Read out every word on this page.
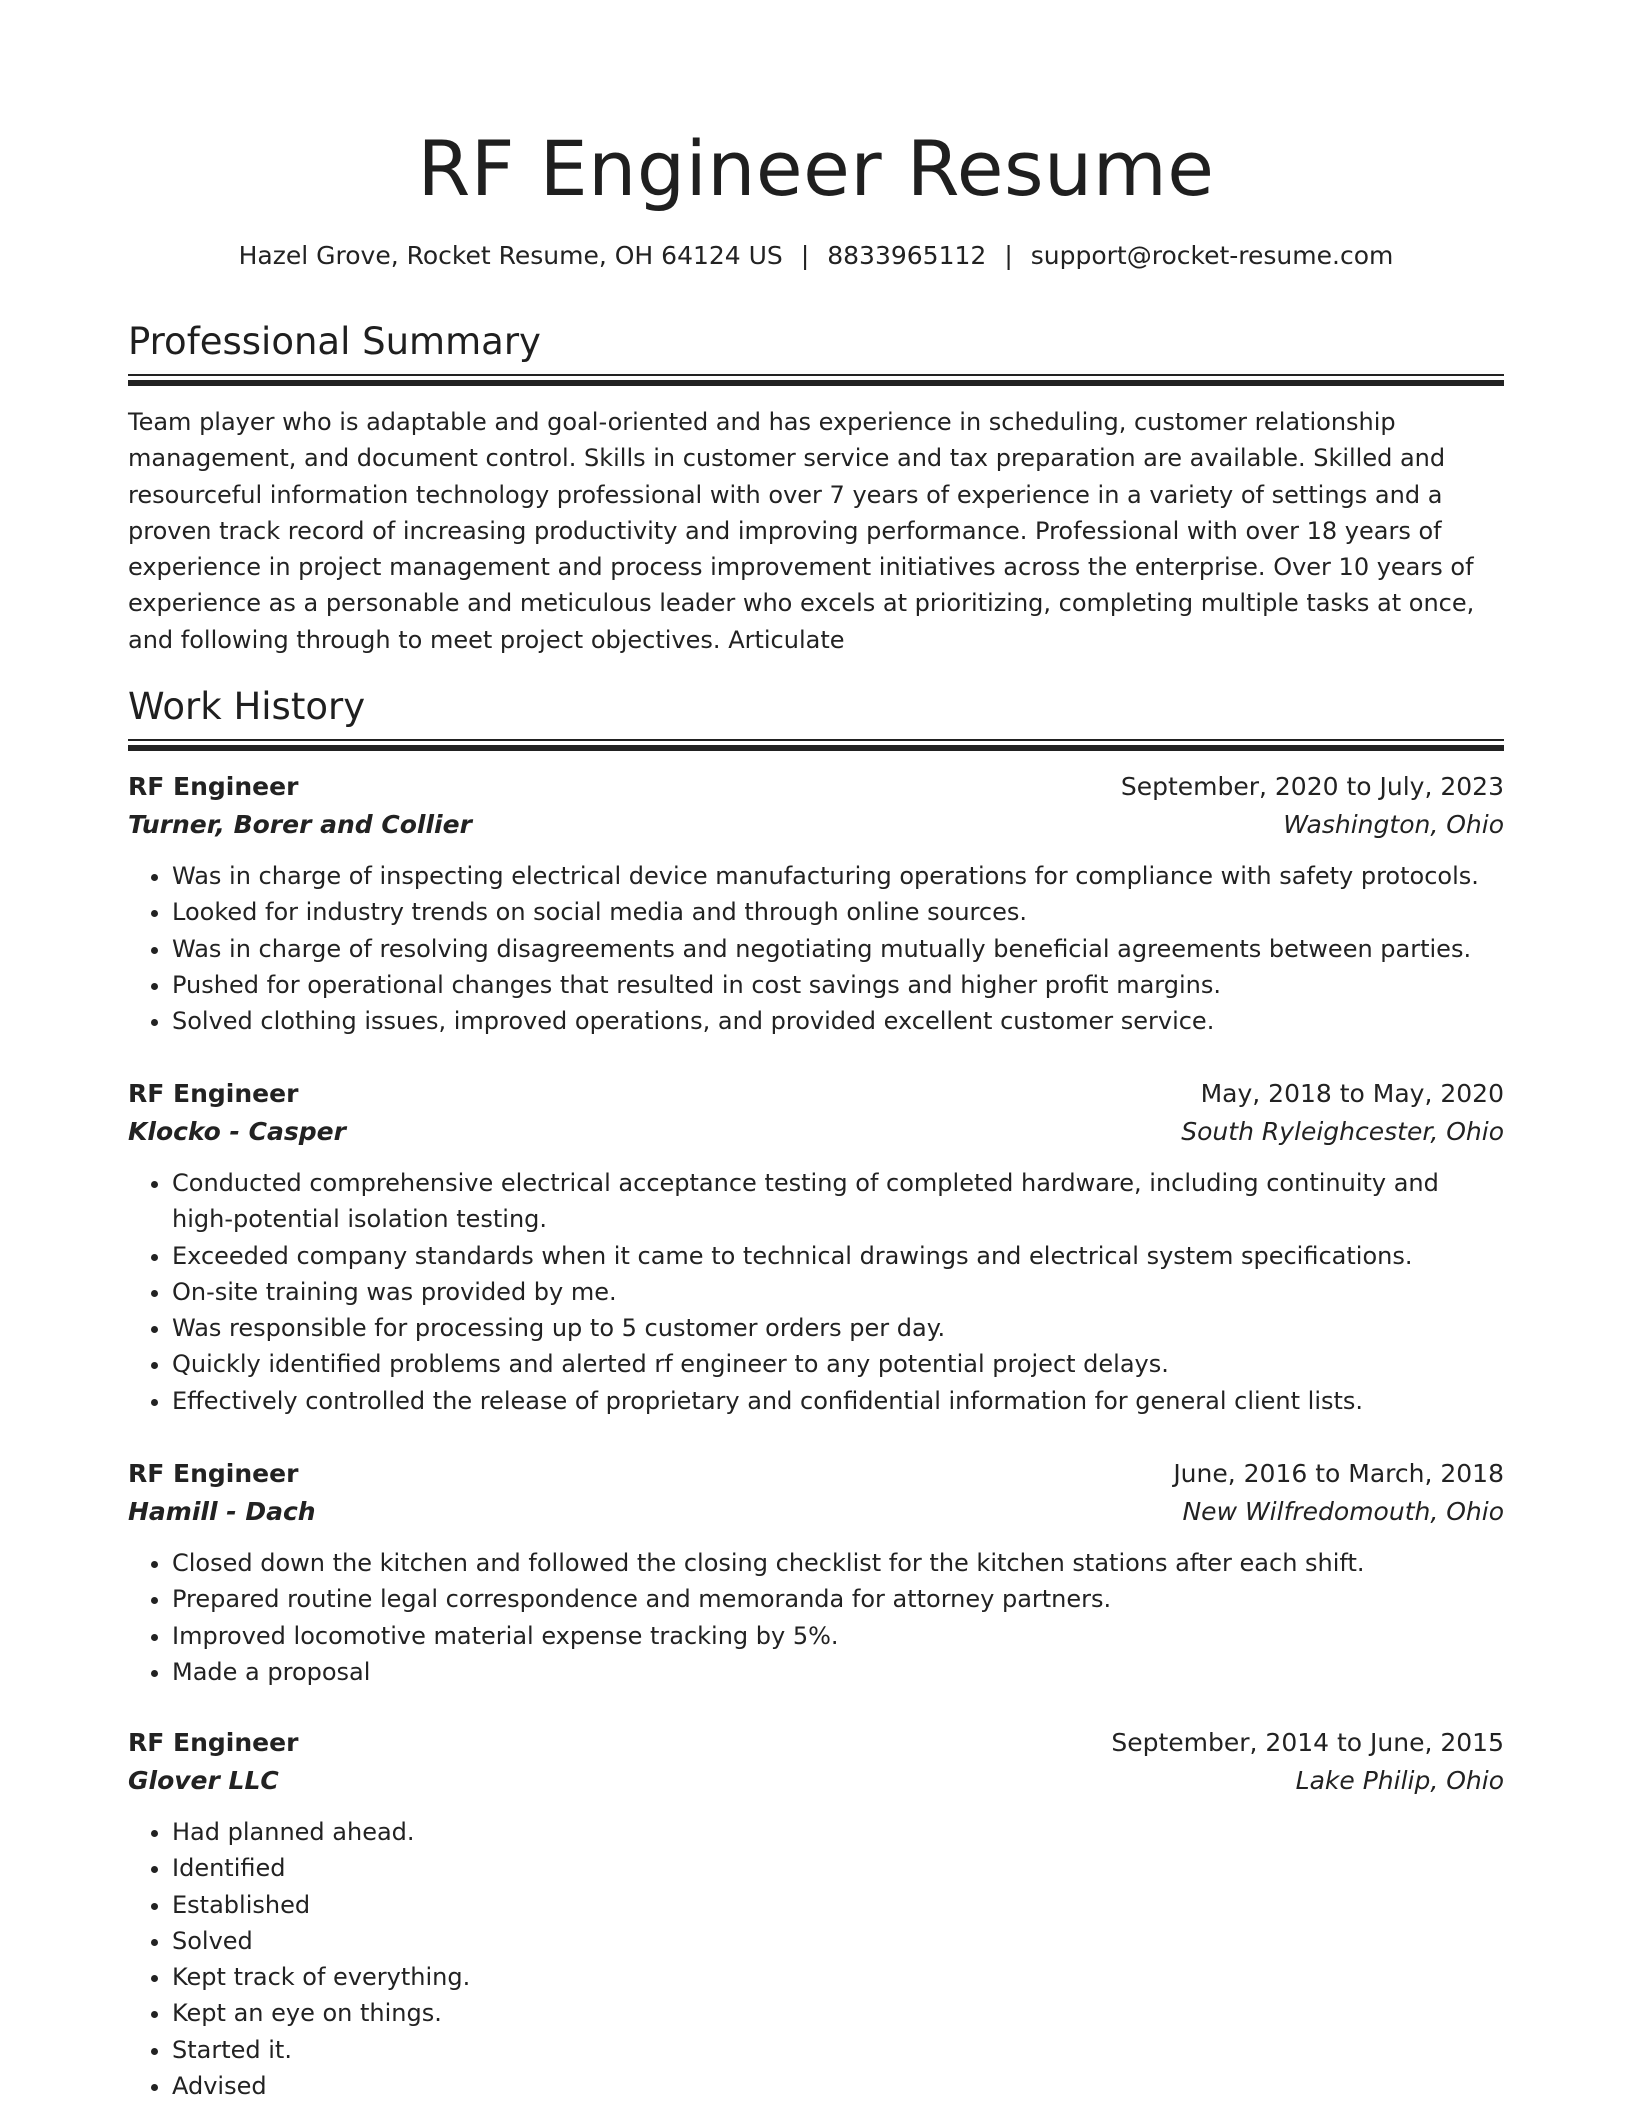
RF Engineer Resume
Hazel Grove, Rocket Resume, OH 64124 US | 8833965112 | support@rocket-resume.com
Professional Summary

Team player who is adaptable and goal-oriented and has experience in scheduling, customer relationship management, and document control. Skills in customer service and tax preparation are available. Skilled and resourceful information technology professional with over 7 years of experience in a variety of settings and a proven track record of increasing productivity and improving performance. Professional with over 18 years of experience in project management and process improvement initiatives across the enterprise. Over 10 years of experience as a personable and meticulous leader who excels at prioritizing, completing multiple tasks at once, and following through to meet project objectives. Articulate

Work History
RF Engineer	September, 2020 to July, 2023
Turner, Borer and Collier	Washington, Ohio
• Was in charge of inspecting electrical device manufacturing operations for compliance with safety protocols.
• Looked for industry trends on social media and through online sources.
• Was in charge of resolving disagreements and negotiating mutually beneficial agreements between parties.
• Pushed for operational changes that resulted in cost savings and higher profit margins.
• Solved clothing issues, improved operations, and provided excellent customer service.
RF Engineer	May, 2018 to May, 2020
Klocko - Casper	South Ryleighcester, Ohio
• Conducted comprehensive electrical acceptance testing of completed hardware, including continuity and high-potential isolation testing.
• Exceeded company standards when it came to technical drawings and electrical system specifications.
• On-site training was provided by me.
• Was responsible for processing up to 5 customer orders per day.
• Quickly identified problems and alerted rf engineer to any potential project delays.
• Effectively controlled the release of proprietary and confidential information for general client lists.
RF Engineer	June, 2016 to March, 2018
Hamill - Dach	New Wilfredomouth, Ohio
• Closed down the kitchen and followed the closing checklist for the kitchen stations after each shift.
• Prepared routine legal correspondence and memoranda for attorney partners.
• Improved locomotive material expense tracking by 5%.
• Made a proposal
RF Engineer	September, 2014 to June, 2015
Glover LLC	Lake Philip, Ohio
• Had planned ahead.
• Identified
• Established
• Solved
• Kept track of everything.
• Kept an eye on things.
• Started it.
• Advised
